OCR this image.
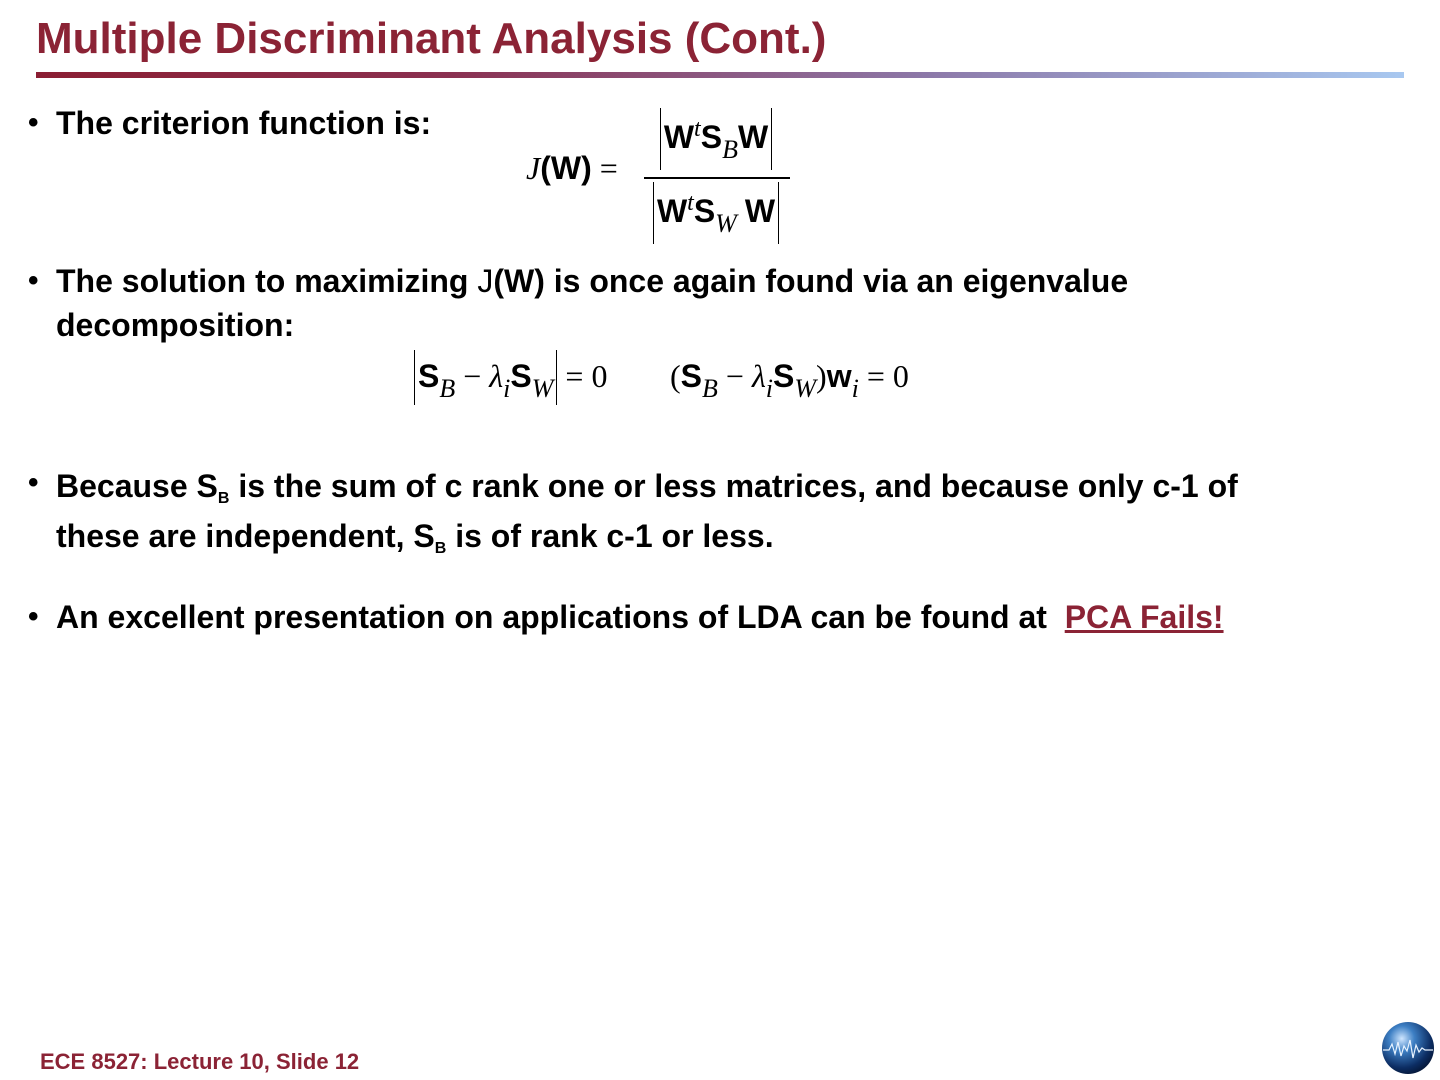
Multiple Discriminant Analysis (Cont.)
• The criterion function is:
J(W) =
$W^tS_BW$
$W^tS_W$ W
• The solution to maximizing J(W) is once again found via an eigenvalue
decomposition:
$S_B - \lambda_iS_W = 0$ $(S_B - \lambda_iS_W)w_i = 0$
• Because $S_B$ is the sum of c rank one or less matrices, and because only c-1 of
these are independent, $S_B$ is of rank c-1 or less.
• An excellent presentation on applications of LDA can be found at  PCA Fails!
ECE 8527: Lecture 10, Slide 12
